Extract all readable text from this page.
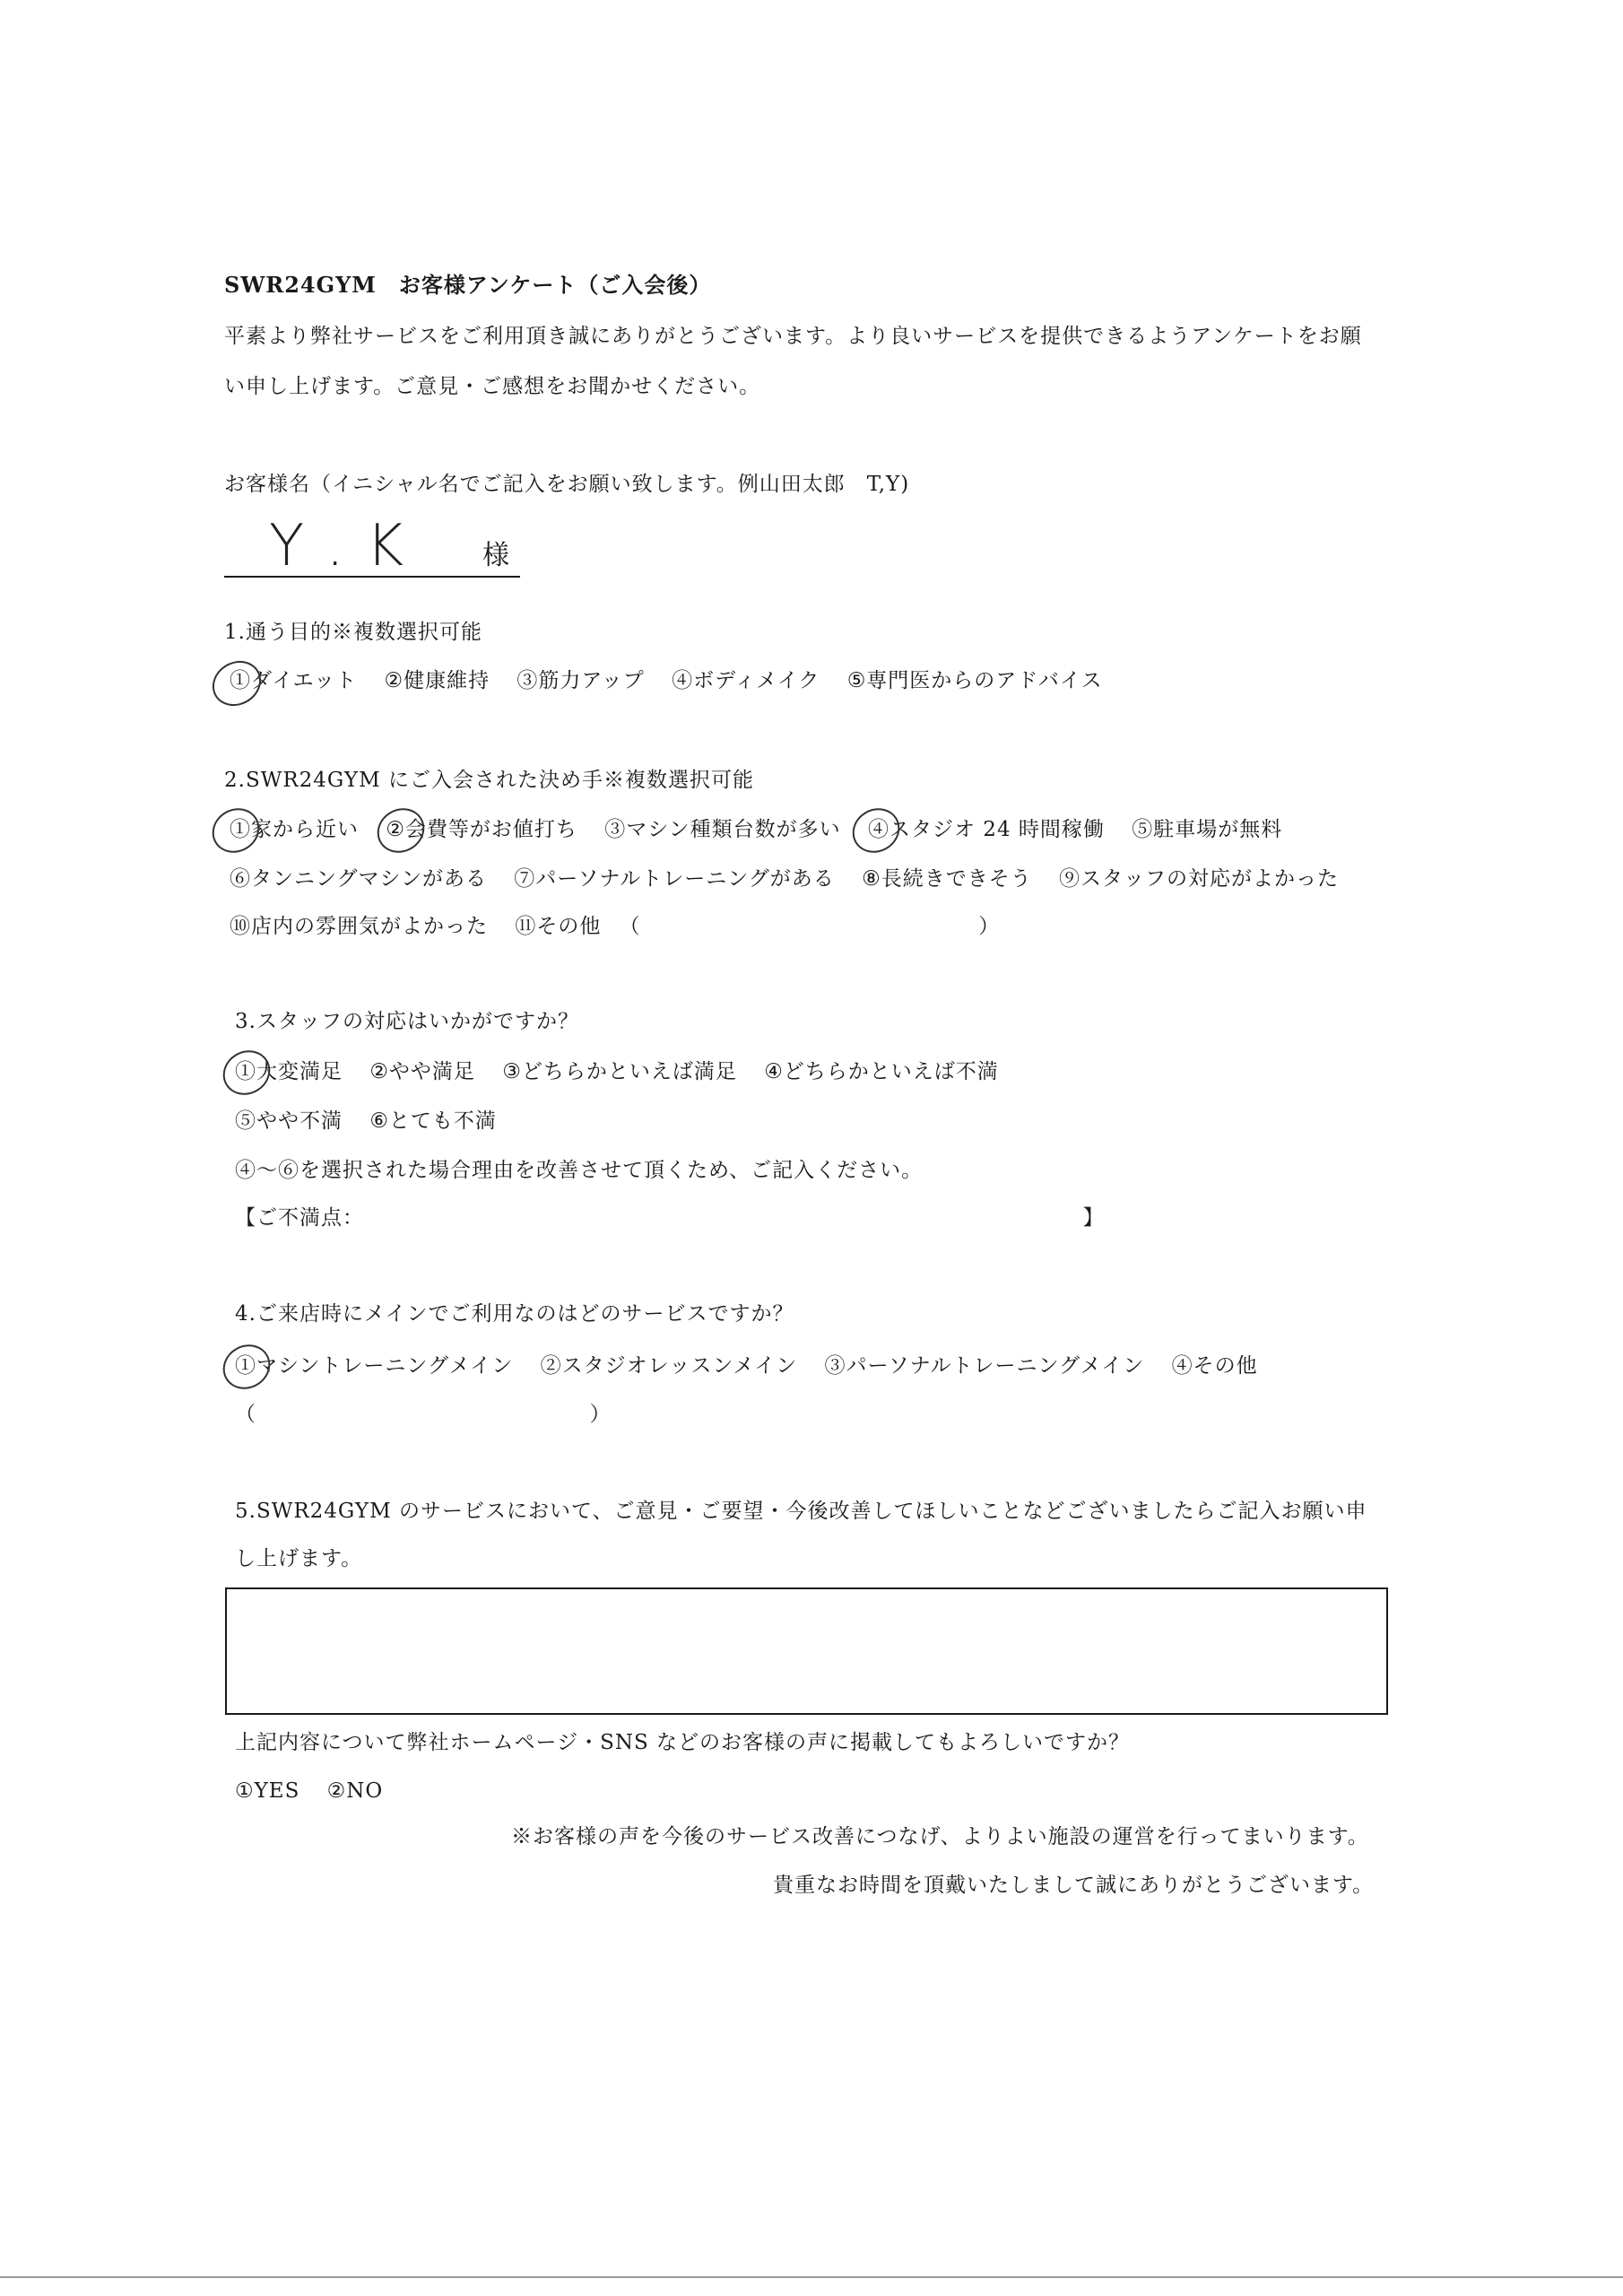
SWR24GYM　お客様アンケート（ご入会後）
平素より弊社サービスをご利用頂き誠にありがとうございます。より良いサービスを提供できるようアンケートをお願
い申し上げます。ご意見・ご感想をお聞かせください。
お客様名（イニシャル名でご記入をお願い致します。例山田太郎　T,Y)
Y . K	様
1.通う目的※複数選択可能
①ダイエット ②健康維持 ③筋力アップ ④ボディメイク ⑤専門医からのアドバイス
2.SWR24GYM にご入会された決め手※複数選択可能
①家から近い ②会費等がお値打ち ③マシン種類台数が多い ④スタジオ 24 時間稼働 ⑤駐車場が無料
⑥タンニングマシンがある ⑦パーソナルトレーニングがある ⑧長続きできそう ⑨スタッフの対応がよかった
⑩店内の雰囲気がよかった ⑪その他 （	）
3.スタッフの対応はいかがですか？
①大変満足 ②やや満足 ③どちらかといえば満足 ④どちらかといえば不満
⑤やや不満 ⑥とても不満
④～⑥を選択された場合理由を改善させて頂くため、ご記入ください。
【ご不満点：	】
4.ご来店時にメインでご利用なのはどのサービスですか？
①マシントレーニングメイン ②スタジオレッスンメイン ③パーソナルトレーニングメイン ④その他
（	）
5.SWR24GYM のサービスにおいて、ご意見・ご要望・今後改善してほしいことなどございましたらご記入お願い申
し上げます。
上記内容について弊社ホームページ・SNS などのお客様の声に掲載してもよろしいですか？
①YES ②NO
※お客様の声を今後のサービス改善につなげ、よりよい施設の運営を行ってまいります。
貴重なお時間を頂戴いたしまして誠にありがとうございます。
